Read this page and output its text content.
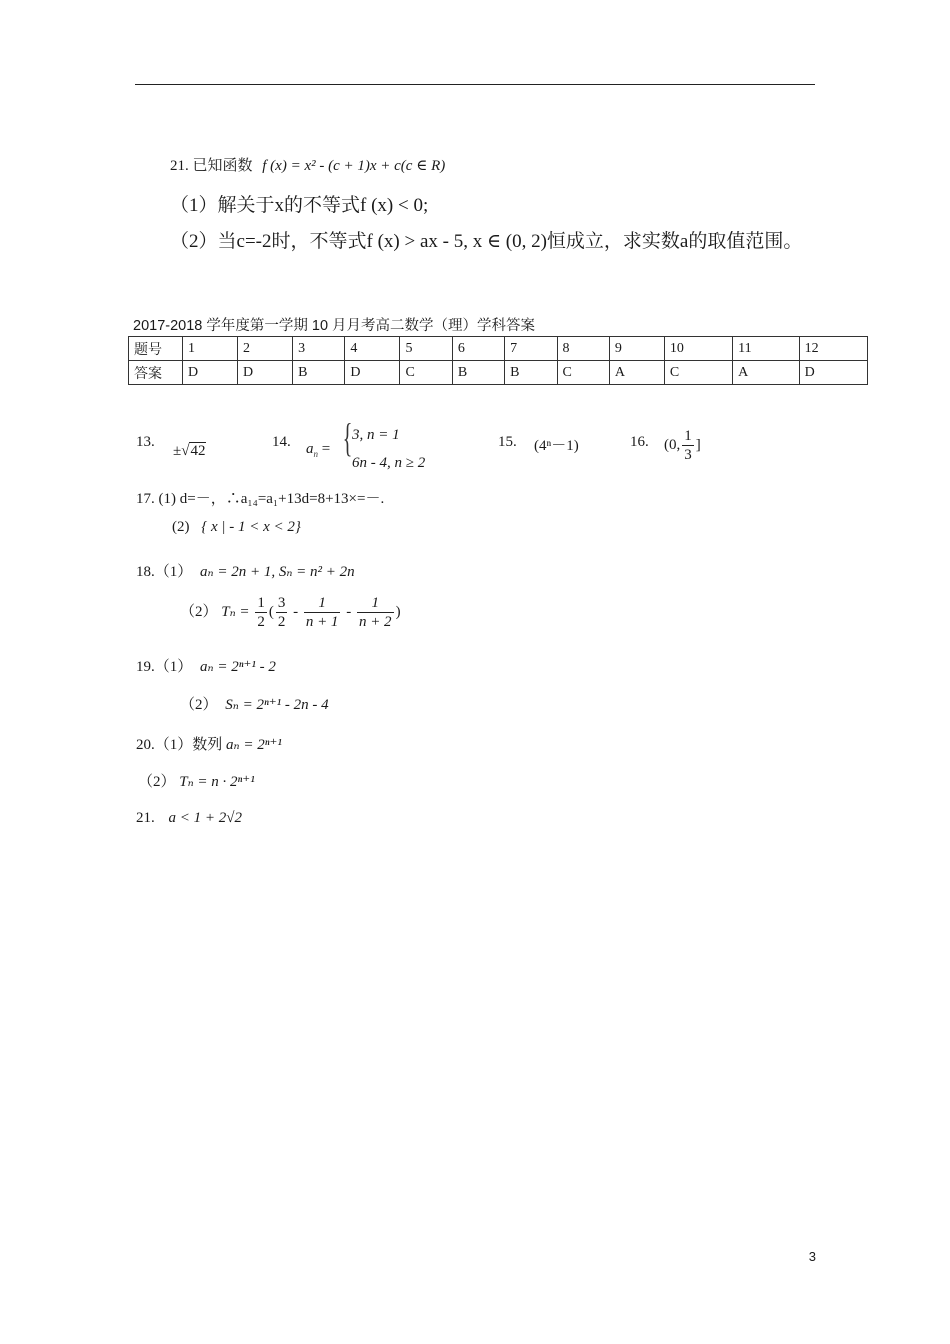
21. 已知函数 f (x) = x² - (c + 1)x + c(c ∈ R)
（1）解关于x的不等式f (x) < 0;
（2）当c=-2时，不等式f (x) > ax - 5, x ∈ (0, 2)恒成立，求实数a的取值范围。
2017-2018 学年度第一学期 10 月月考高二数学（理）学科答案
题号	1	2	3	4	5	6	7	8	9	10	11	12
答案	D	D	B	D	C	B	B	C	A	C	A	D
13.
±√42
14. $a_n$ = { 3, n = 1
6n - 4, n ≥ 2
15. (4ⁿ－1)	16. (0, $\frac{1}{3}$ ]
17. (1) d=－，∴a₁₄=a₁+13d=8+13×=－.
(2) { x | - 1 < x < 2}
18.（1） aₙ = 2n + 1, Sₙ = n² + 2n
（2） $T_n = \frac{1}{2}$ ( $\frac{3}{2} - \frac{1}{n + 1} - \frac{1}{n + 2}$ )
19.（1） aₙ = 2ⁿ⁺¹ - 2
（2） Sₙ = 2ⁿ⁺¹ - 2n - 4
20.（1）数列 aₙ = 2ⁿ⁺¹
（2） Tₙ = n · 2ⁿ⁺¹
21. a < 1 + 2√2
3
